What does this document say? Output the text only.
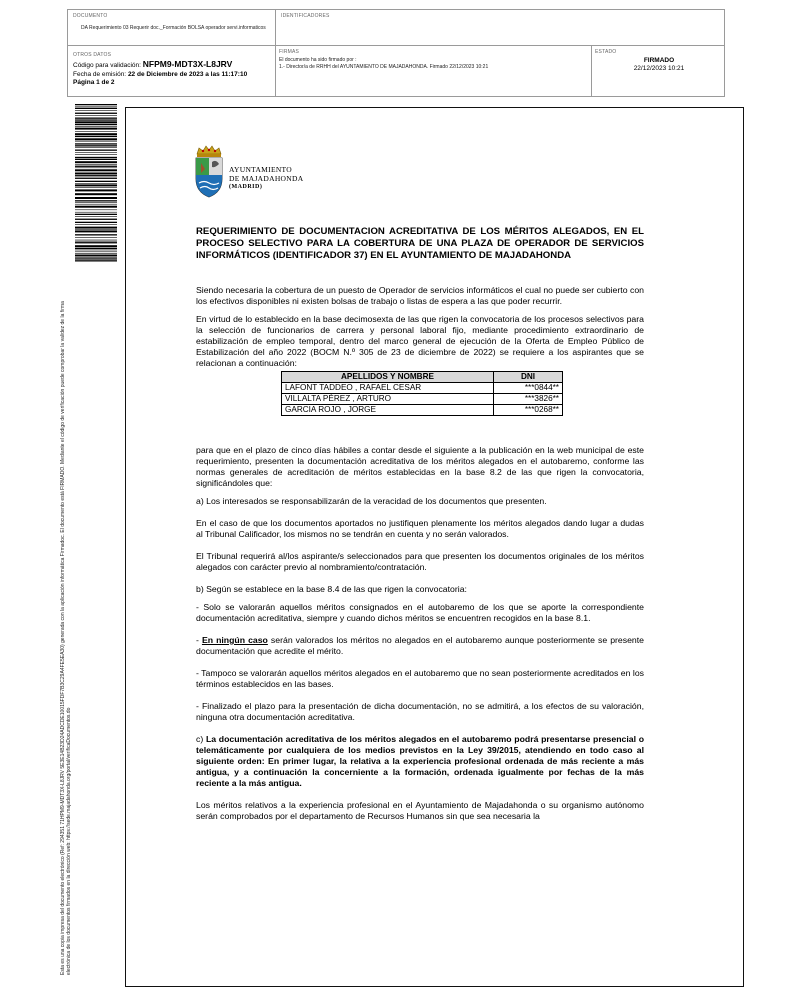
DOCUMENTO
DA Requerimiento 03 Requerir doc._Formación BOLSA operador servi.informaticos
IDENTIFICADORES
OTROS DATOS
Código para validación: NFPM9-MDT3X-L8JRV
Fecha de emisión: 22 de Diciembre de 2023 a las 11:17:10
Página 1 de 2
FIRMAS
El documento ha sido firmado por :
1.- Director/a de RRHH del AYUNTAMIENTO DE MAJADAHONDA. Firmado 22/12/2023 10:21
ESTADO
FIRMADO
22/12/2023 10:21
Esta es una copia impresa del documento electrónico (Ref: 294351 71HPM9-MDT3X-L8JRV 5E3E14B23D24ADCDE10015FDF7B3C29A4FE5EA30) generada con la aplicación informática Firmadoc. El documento está FIRMADO. Mediante el código de verificación puede comprobar la validez de la firma electrónica de los documentos firmados en la dirección web: https://sede.majadahonda.org/portal/verificaDocumentos.do
AYUNTAMIENTO
DE MAJADAHONDA
(MADRID)
REQUERIMIENTO DE DOCUMENTACION ACREDITATIVA DE LOS MÉRITOS ALEGADOS, EN EL PROCESO SELECTIVO PARA LA COBERTURA DE UNA PLAZA DE OPERADOR DE SERVICIOS INFORMÁTICOS (IDENTIFICADOR 37) EN EL AYUNTAMIENTO DE MAJADAHONDA

Siendo necesaria la cobertura de un puesto de Operador de servicios informáticos el cual no puede ser cubierto con los efectivos disponibles ni existen bolsas de trabajo o listas de espera a las que poder recurrir.

En virtud de lo establecido en la base decimosexta de las que rigen la convocatoria de los procesos selectivos para la selección de funcionarios de carrera y personal laboral fijo, mediante procedimiento extraordinario de estabilización de empleo temporal, dentro del marco general de ejecución de la Oferta de Empleo Público de Estabilización del año 2022 (BOCM N.º 305 de 23 de diciembre de 2022) se requiere a los aspirantes que se relacionan a continuación:

APELLIDOS Y NOMBRE	DNI
LAFONT TADDEO , RAFAEL CESAR	***0844**
VILLALTA PÉREZ , ARTURO	***3826**
GARCIA ROJO , JORGE	***0268**

para que en el plazo de cinco días hábiles a contar desde el siguiente a la publicación en la web municipal de este requerimiento, presenten la documentación acreditativa de los méritos alegados en el autobaremo, conforme las normas generales de acreditación de méritos establecidas en la base 8.2 de las que rigen la convocatoria, significándoles que:

a) Los interesados se responsabilizarán de la veracidad de los documentos que presenten.

En el caso de que los documentos aportados no justifiquen plenamente los méritos alegados dando lugar a dudas al Tribunal Calificador, los mismos no se tendrán en cuenta y no serán valorados.

El Tribunal requerirá al/los aspirante/s seleccionados para que presenten los documentos originales de los méritos alegados con carácter previo al nombramiento/contratación.

b) Según se establece en la base 8.4 de las que rigen la convocatoria:

- Solo se valorarán aquellos méritos consignados en el autobaremo de los que se aporte la correspondiente documentación acreditativa, siempre y cuando dichos méritos se encuentren recogidos en la base 8.1.

- En ningún caso serán valorados los méritos no alegados en el autobaremo aunque posteriormente se presente documentación que acredite el mérito.

- Tampoco se valorarán aquellos méritos alegados en el autobaremo que no sean posteriormente acreditados en los términos establecidos en las bases.

- Finalizado el plazo para la presentación de dicha documentación, no se admitirá, a los efectos de su valoración, ninguna otra documentación acreditativa.

c) La documentación acreditativa de los méritos alegados en el autobaremo podrá presentarse presencial o telemáticamente por cualquiera de los medios previstos en la Ley 39/2015, atendiendo en todo caso al siguiente orden: En primer lugar, la relativa a la experiencia profesional ordenada de más reciente a más antigua, y a continuación la concerniente a la formación, ordenada igualmente por fechas de la más reciente a la más antigua.

Los méritos relativos a la experiencia profesional en el Ayuntamiento de Majadahonda o su organismo autónomo serán comprobados por el departamento de Recursos Humanos sin que sea necesaria la
